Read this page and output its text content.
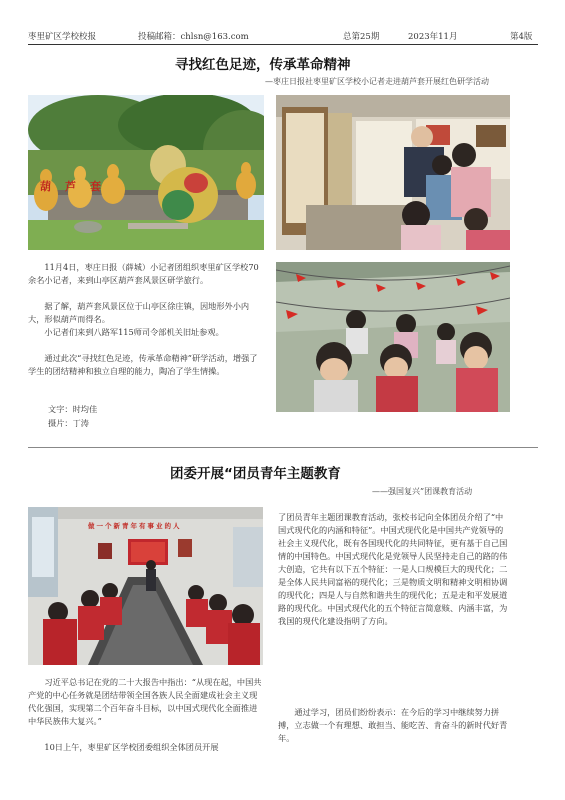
枣里矿区学校校报	投稿邮箱：chlsn@163.com	总第25期	2023年11月	第4版
寻找红色足迹，传承革命精神
—枣庄日报社枣里矿区学校小记者走进葫芦套开展红色研学活动
葫芦套

11月4日，枣庄日报（薛城）小记者团组织枣里矿区学校70余名小记者，来到山亭区葫芦套风景区研学旅行。

据了解，葫芦套风景区位于山亭区徐庄镇，因地形外小内大，形似葫芦而得名。

小记者们来到八路军115师司令部机关旧址参观。

通过此次“寻找红色足迹，传承革命精神”研学活动，增强了学生的团结精神和独立自理的能力，陶冶了学生情操。

文字：时均佳
摄片：丁涛
团委开展“团员青年主题教育
——强国复兴”团课教育活动
做一个新青年有事业的人

习近平总书记在党的二十大报告中指出：“从现在起，中国共产党的中心任务就是团结带领全国各族人民全面建成社会主义现代化强国，实现第二个百年奋斗目标，以中国式现代化全面推进中华民族伟大复兴。”

10日上午，枣里矿区学校团委组织全体团员开展

了团员青年主题团课教育活动，张校书记向全体团员介绍了“中国式现代化的内涵和特征”。中国式现代化是中国共产党领导的社会主义现代化，既有各国现代化的共同特征，更有基于自己国情的中国特色。中国式现代化是党领导人民坚持走自己的路的伟大创造，它共有以下五个特征：一是人口规模巨大的现代化；二是全体人民共同富裕的现代化；三是物质文明和精神文明相协调的现代化；四是人与自然和谐共生的现代化；五是走和平发展道路的现代化。中国式现代化的五个特征言简意赅、内涵丰富，为我国的现代化建设指明了方向。

通过学习，团员们纷纷表示：在今后的学习中继续努力拼搏，立志做一个有理想、敢担当、能吃苦、肯奋斗的新时代好青年。
